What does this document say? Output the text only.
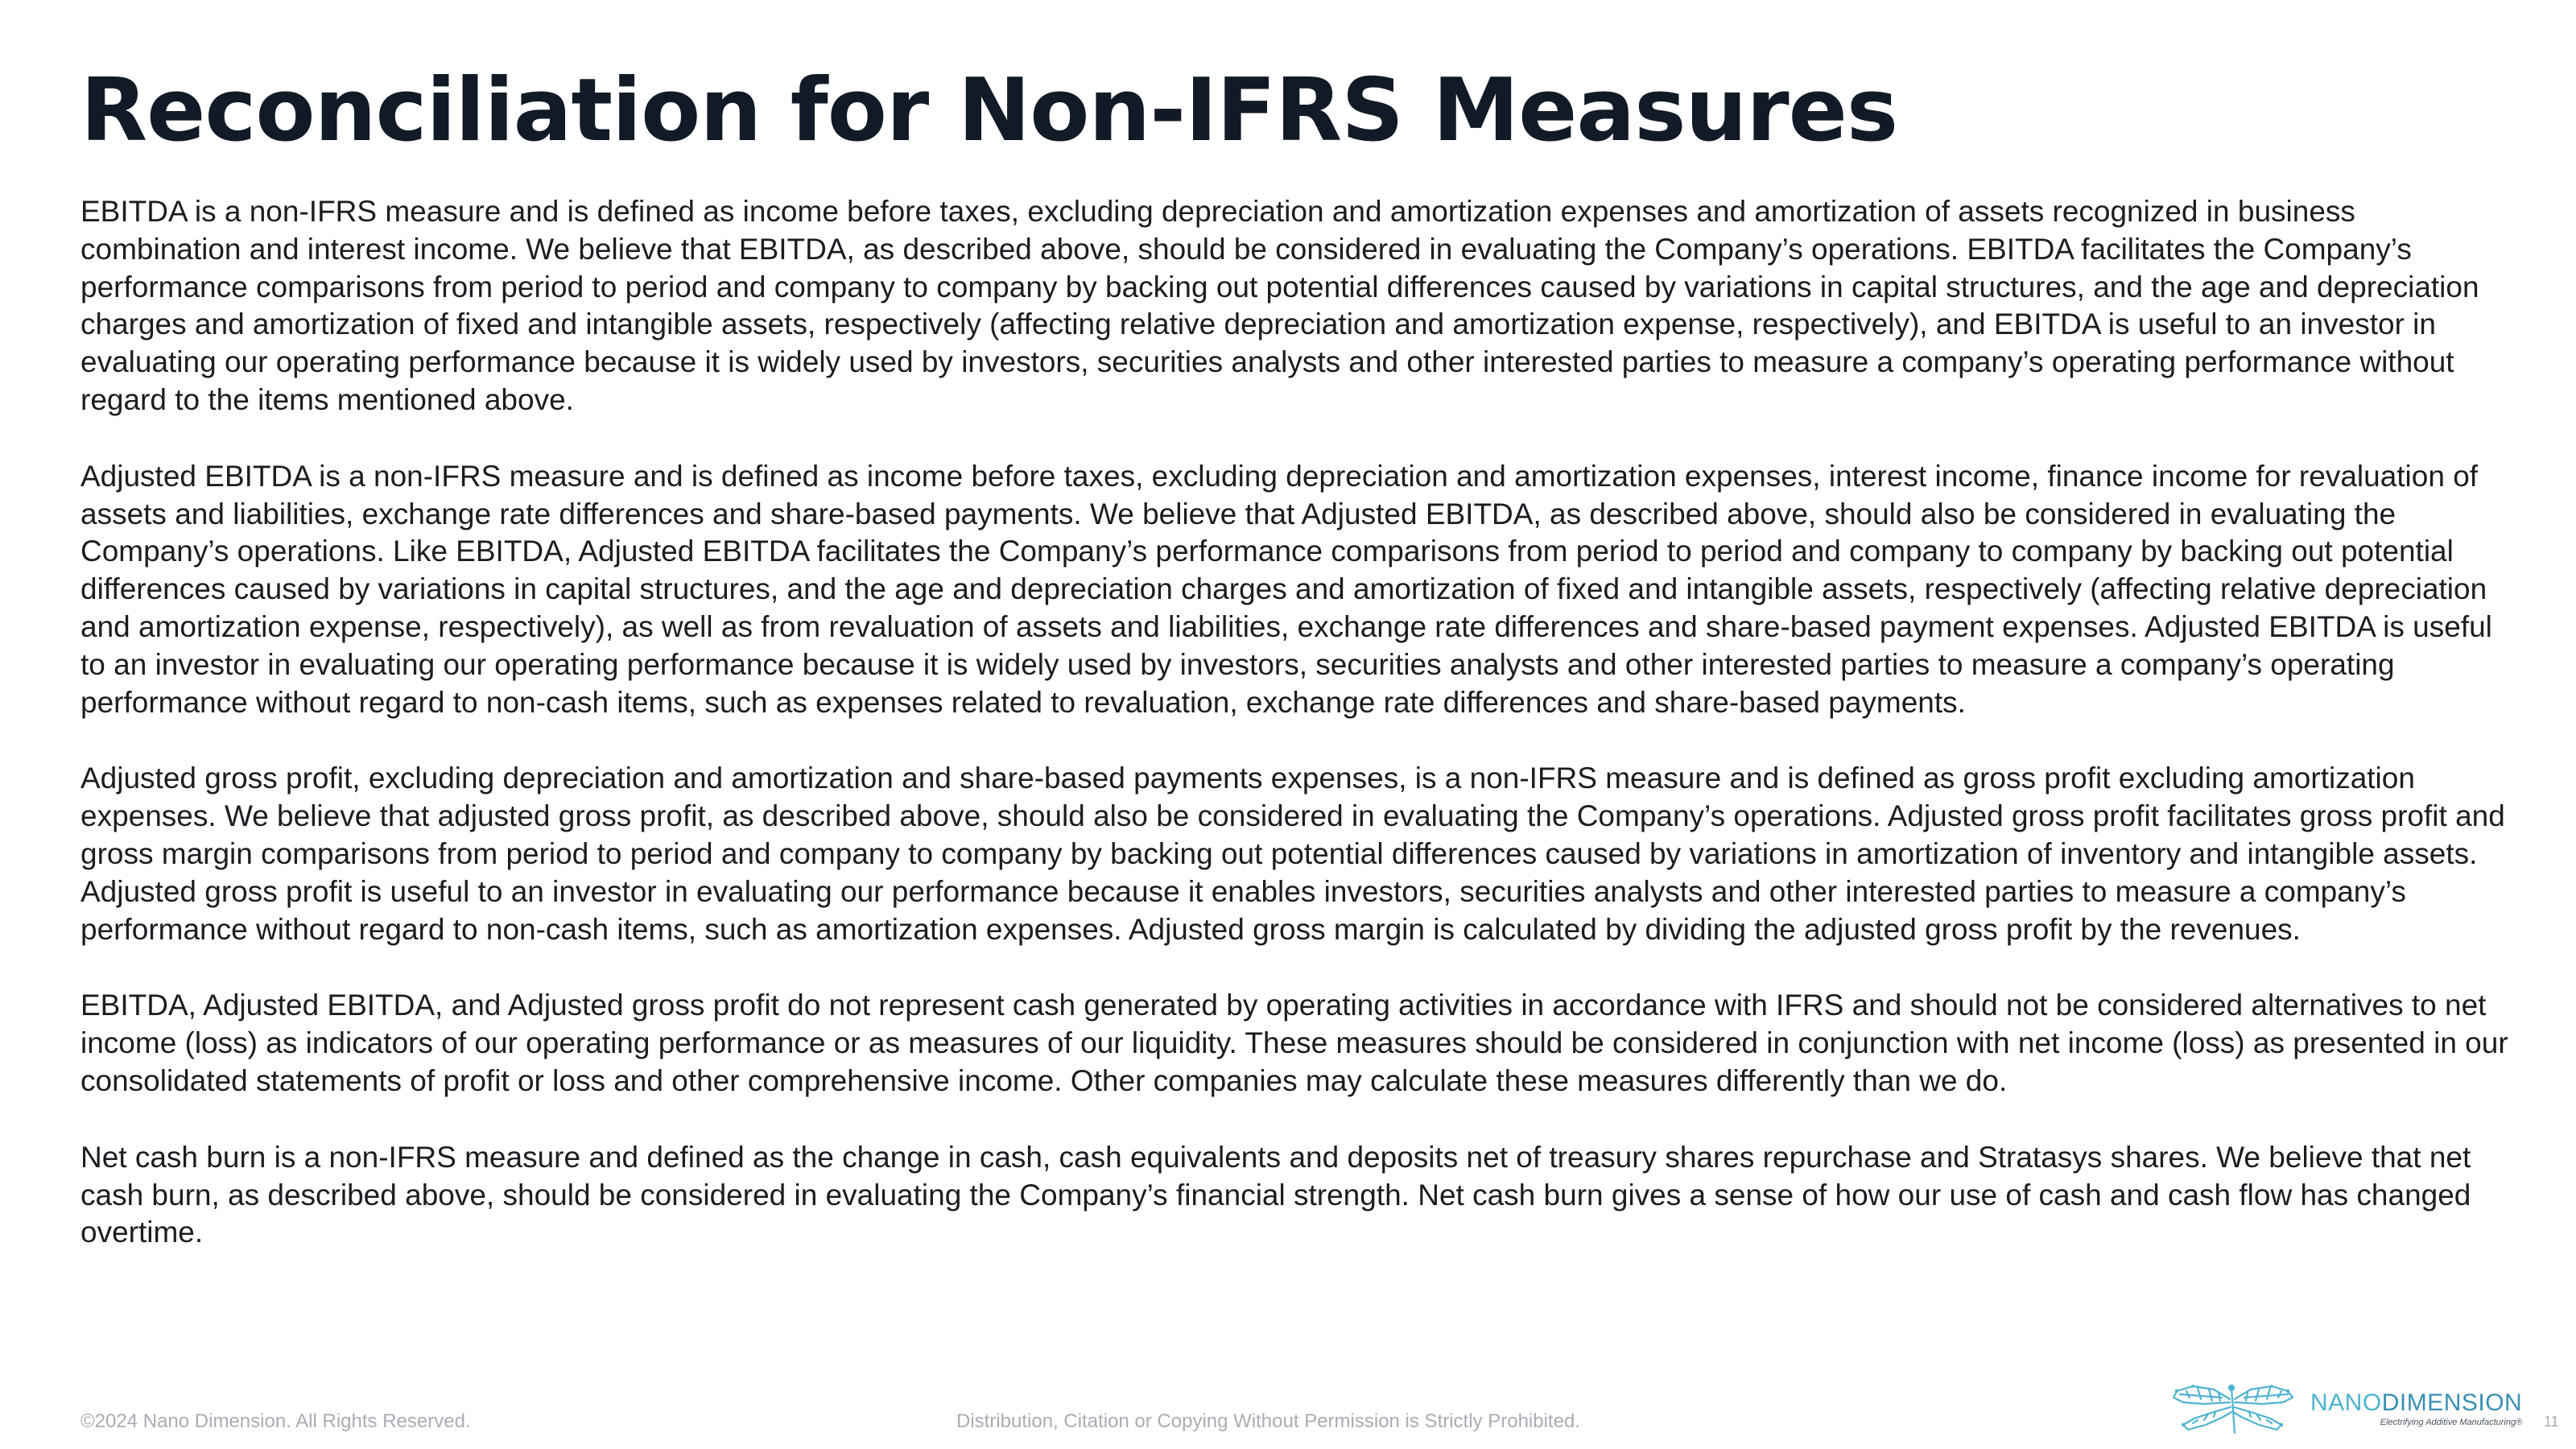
Reconciliation for Non-IFRS Measures

EBITDA is a non-IFRS measure and is defined as income before taxes, excluding depreciation and amortization expenses and amortization of assets recognized in business combination and interest income. We believe that EBITDA, as described above, should be considered in evaluating the Company’s operations. EBITDA facilitates the Company’s performance comparisons from period to period and company to company by backing out potential differences caused by variations in capital structures, and the age and depreciation charges and amortization of fixed and intangible assets, respectively (affecting relative depreciation and amortization expense, respectively), and EBITDA is useful to an investor in evaluating our operating performance because it is widely used by investors, securities analysts and other interested parties to measure a company’s operating performance without regard to the items mentioned above.

Adjusted EBITDA is a non-IFRS measure and is defined as income before taxes, excluding depreciation and amortization expenses, interest income, finance income for revaluation of assets and liabilities, exchange rate differences and share-based payments. We believe that Adjusted EBITDA, as described above, should also be considered in evaluating the Company’s operations. Like EBITDA, Adjusted EBITDA facilitates the Company’s performance comparisons from period to period and company to company by backing out potential differences caused by variations in capital structures, and the age and depreciation charges and amortization of fixed and intangible assets, respectively (affecting relative depreciation and amortization expense, respectively), as well as from revaluation of assets and liabilities, exchange rate differences and share-based payment expenses. Adjusted EBITDA is useful to an investor in evaluating our operating performance because it is widely used by investors, securities analysts and other interested parties to measure a company’s operating performance without regard to non-cash items, such as expenses related to revaluation, exchange rate differences and share-based payments.

Adjusted gross profit, excluding depreciation and amortization and share-based payments expenses, is a non-IFRS measure and is defined as gross profit excluding amortization expenses. We believe that adjusted gross profit, as described above, should also be considered in evaluating the Company’s operations. Adjusted gross profit facilitates gross profit and gross margin comparisons from period to period and company to company by backing out potential differences caused by variations in amortization of inventory and intangible assets. Adjusted gross profit is useful to an investor in evaluating our performance because it enables investors, securities analysts and other interested parties to measure a company’s performance without regard to non-cash items, such as amortization expenses. Adjusted gross margin is calculated by dividing the adjusted gross profit by the revenues.

EBITDA, Adjusted EBITDA, and Adjusted gross profit do not represent cash generated by operating activities in accordance with IFRS and should not be considered alternatives to net income (loss) as indicators of our operating performance or as measures of our liquidity. These measures should be considered in conjunction with net income (loss) as presented in our consolidated statements of profit or loss and other comprehensive income. Other companies may calculate these measures differently than we do.

Net cash burn is a non-IFRS measure and defined as the change in cash, cash equivalents and deposits net of treasury shares repurchase and Stratasys shares. We believe that net cash burn, as described above, should be considered in evaluating the Company’s financial strength. Net cash burn gives a sense of how our use of cash and cash flow has changed overtime.

©2024 Nano Dimension. All Rights Reserved.	Distribution, Citation or Copying Without Permission is Strictly Prohibited.
NANODIMENSION
Electrifying Additive Manufacturing® 11
